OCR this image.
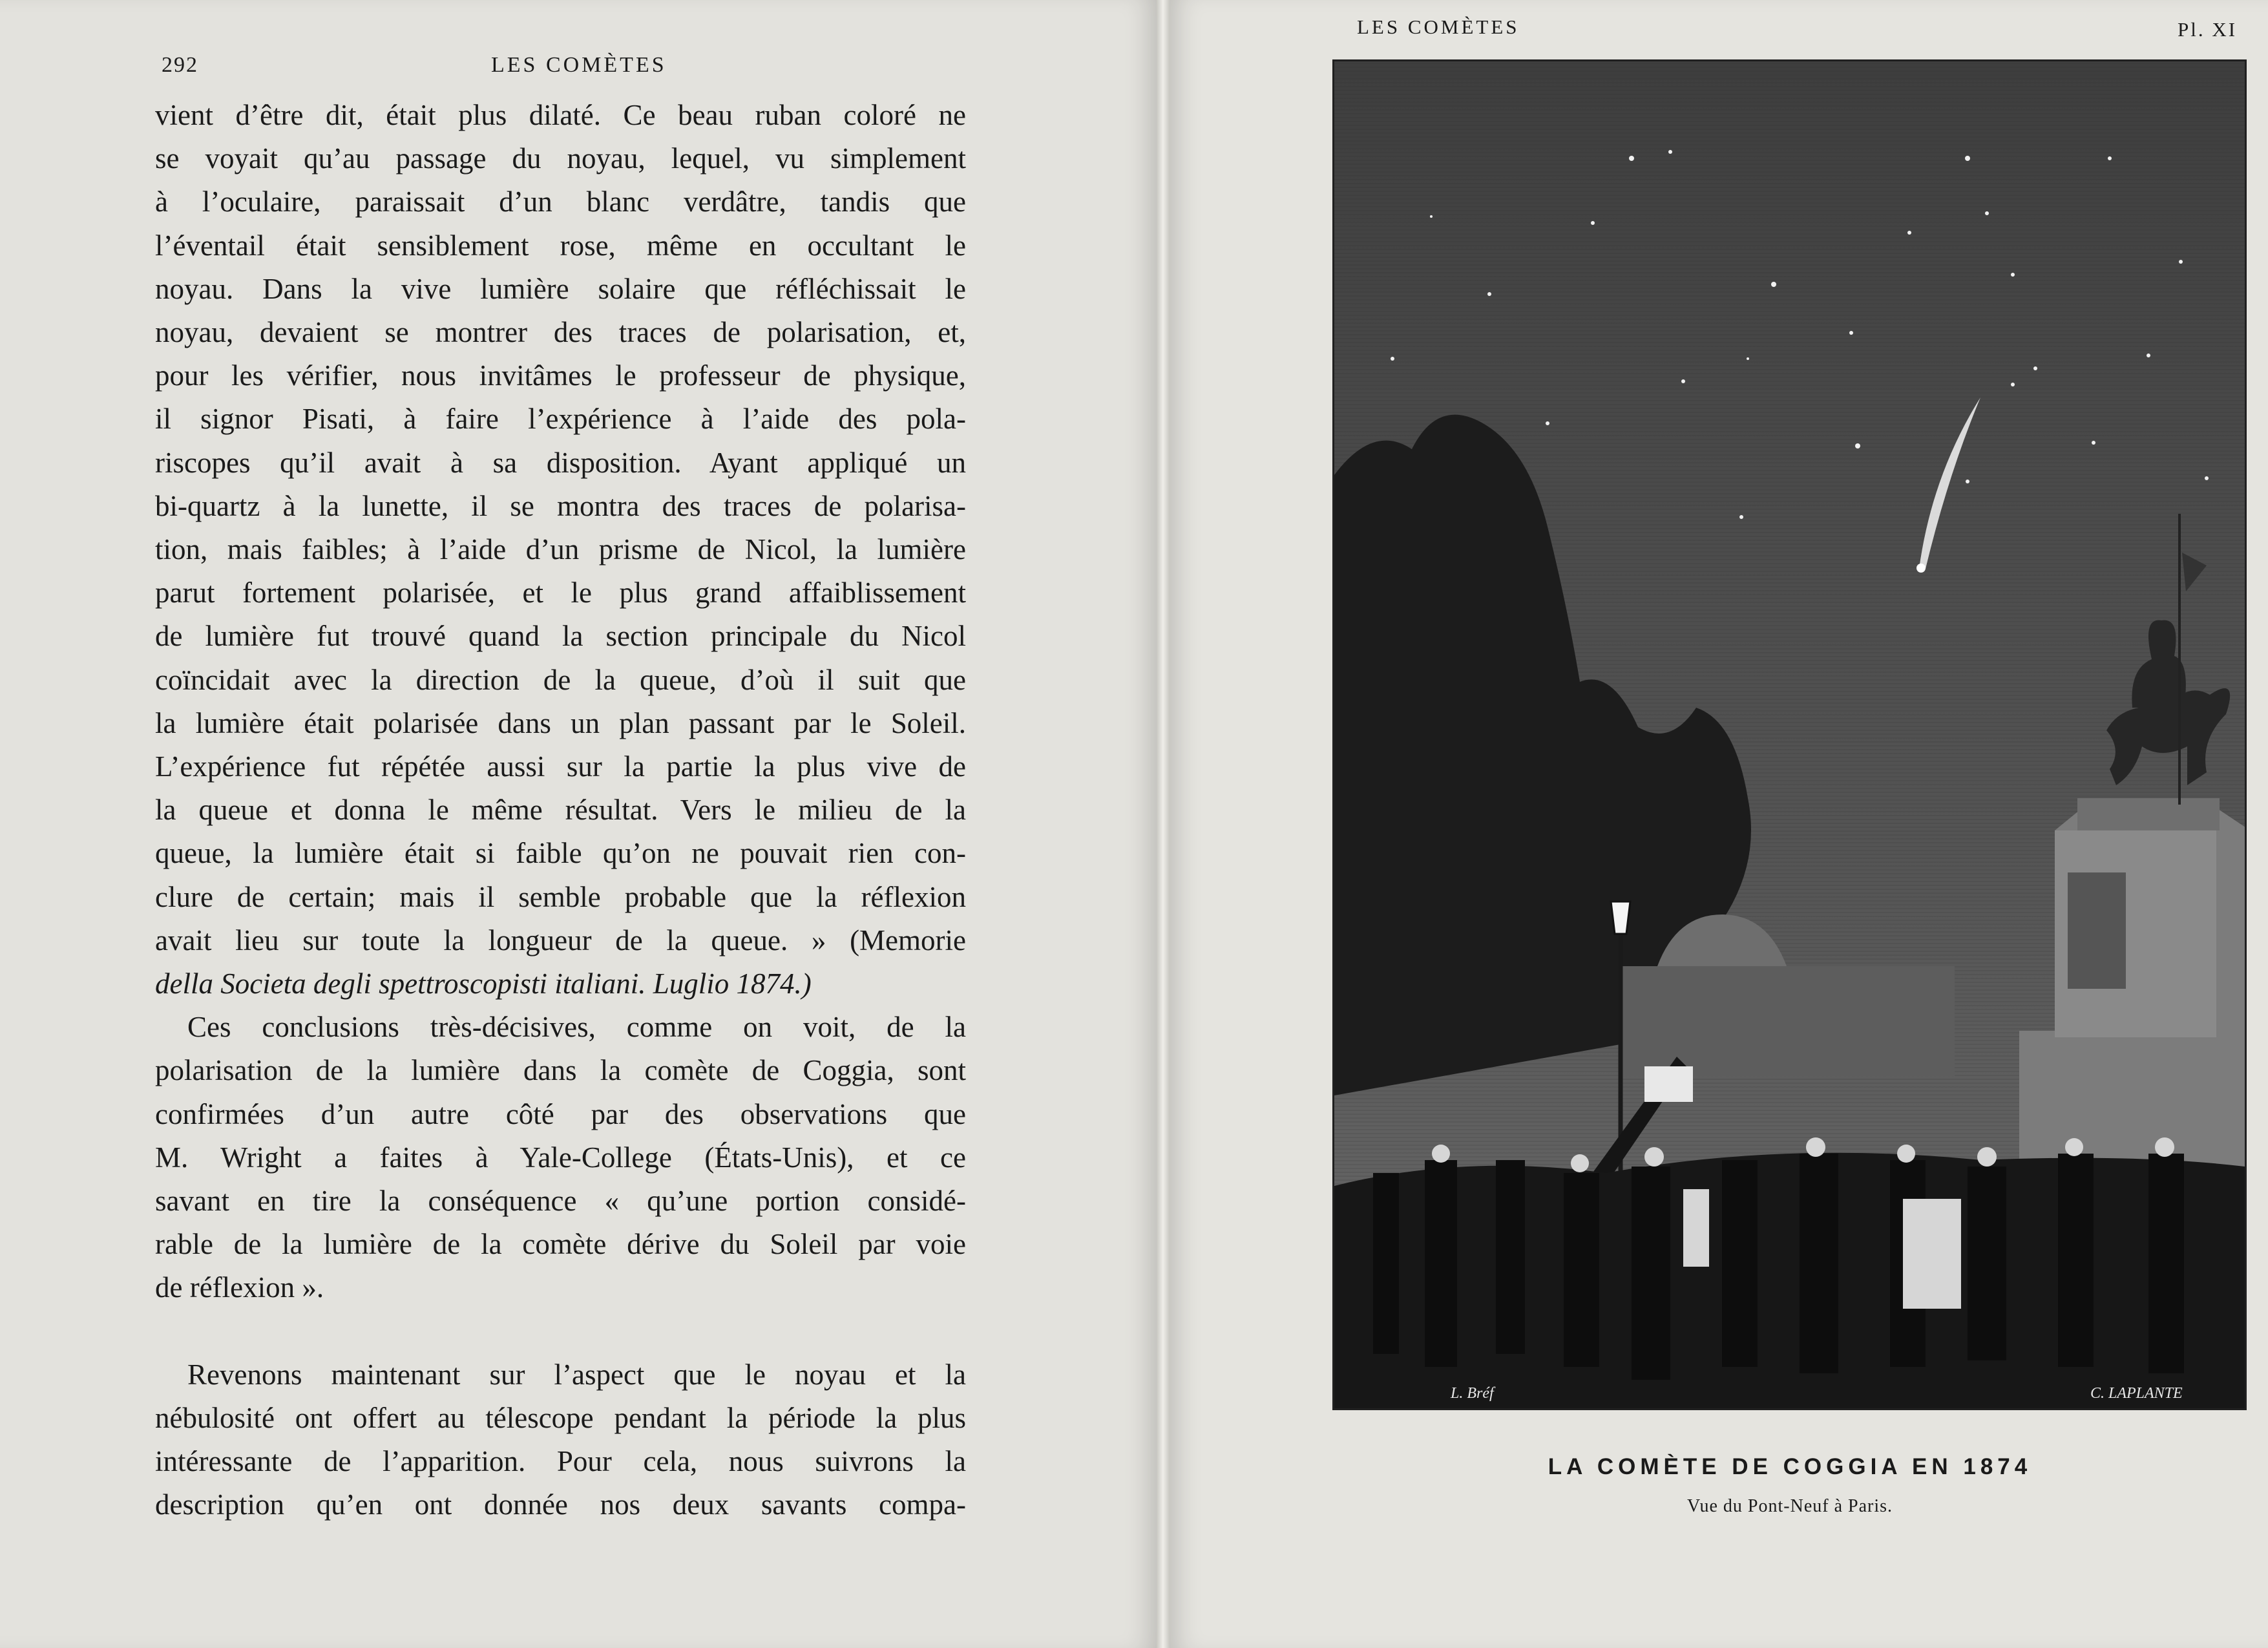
292	LES COMÈTES
vient d’être dit, était plus dilaté. Ce beau ruban coloré ne
se voyait qu’au passage du noyau, lequel, vu simplement
à l’oculaire, paraissait d’un blanc verdâtre, tandis que
l’éventail était sensiblement rose, même en occultant le
noyau. Dans la vive lumière solaire que réfléchissait le
noyau, devaient se montrer des traces de polarisation, et,
pour les vérifier, nous invitâmes le professeur de physique,
il signor Pisati, à faire l’expérience à l’aide des pola-
riscopes qu’il avait à sa disposition. Ayant appliqué un
bi-quartz à la lunette, il se montra des traces de polarisa-
tion, mais faibles; à l’aide d’un prisme de Nicol, la lumière
parut fortement polarisée, et le plus grand affaiblissement
de lumière fut trouvé quand la section principale du Nicol
coïncidait avec la direction de la queue, d’où il suit que
la lumière était polarisée dans un plan passant par le Soleil.
L’expérience fut répétée aussi sur la partie la plus vive de
la queue et donna le même résultat. Vers le milieu de la
queue, la lumière était si faible qu’on ne pouvait rien con-
clure de certain; mais il semble probable que la réflexion
avait lieu sur toute la longueur de la queue. » (Memorie
della Societa degli spettroscopisti italiani. Luglio 1874.)
Ces conclusions très-décisives, comme on voit, de la
polarisation de la lumière dans la comète de Coggia, sont
confirmées d’un autre côté par des observations que
M. Wright a faites à Yale-College (États-Unis), et ce
savant en tire la conséquence « qu’une portion considé-
rable de la lumière de la comète dérive du Soleil par voie
de réflexion ».
Revenons maintenant sur l’aspect que le noyau et la
nébulosité ont offert au télescope pendant la période la plus
intéressante de l’apparition. Pour cela, nous suivrons la
description qu’en ont donnée nos deux savants compa-
LES COMÈTES	Pl. XI
L. Bréf	C. LAPLANTE
LA COMÈTE DE COGGIA EN 1874
Vue du Pont-Neuf à Paris.
